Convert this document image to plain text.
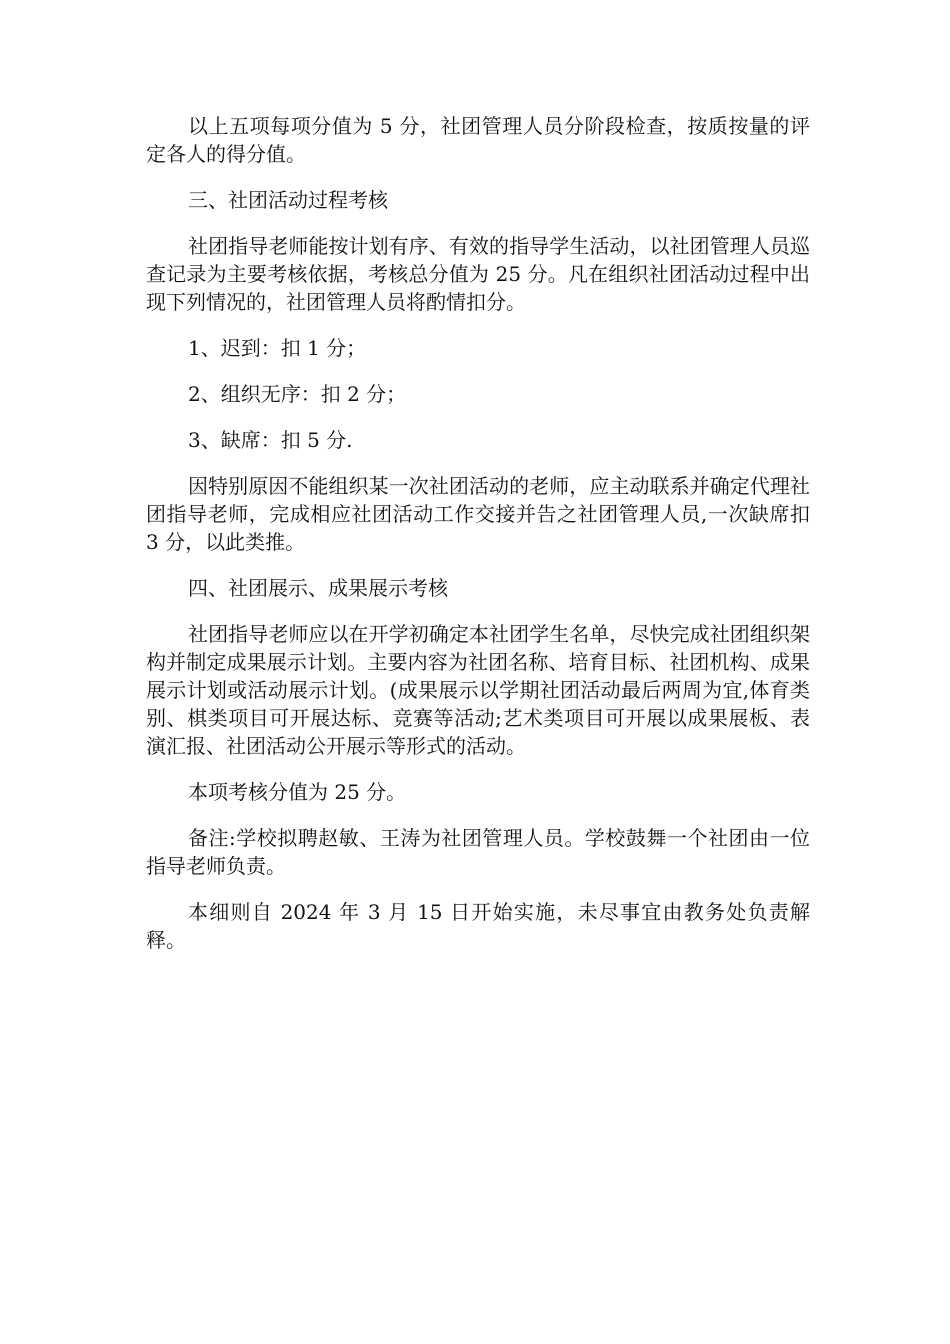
以上五项每项分值为 5 分，社团管理人员分阶段检查，按质按量的评定各人的得分值。

三、社团活动过程考核

社团指导老师能按计划有序、有效的指导学生活动，以社团管理人员巡查记录为主要考核依据，考核总分值为 25 分。凡在组织社团活动过程中出现下列情况的，社团管理人员将酌情扣分。

1、迟到：扣 1 分；

2、组织无序：扣 2 分；

3、缺席：扣 5 分.

因特别原因不能组织某一次社团活动的老师，应主动联系并确定代理社团指导老师，完成相应社团活动工作交接并告之社团管理人员,一次缺席扣 3 分，以此类推。

四、社团展示、成果展示考核

社团指导老师应以在开学初确定本社团学生名单，尽快完成社团组织架构并制定成果展示计划。主要内容为社团名称、培育目标、社团机构、成果展示计划或活动展示计划。(成果展示以学期社团活动最后两周为宜,体育类别、棋类项目可开展达标、竞赛等活动;艺术类项目可开展以成果展板、表演汇报、社团活动公开展示等形式的活动。

本项考核分值为 25 分。

备注:学校拟聘赵敏、王涛为社团管理人员。学校鼓舞一个社团由一位指导老师负责。

本细则自 2024 年 3 月 15 日开始实施，未尽事宜由教务处负责解释。
